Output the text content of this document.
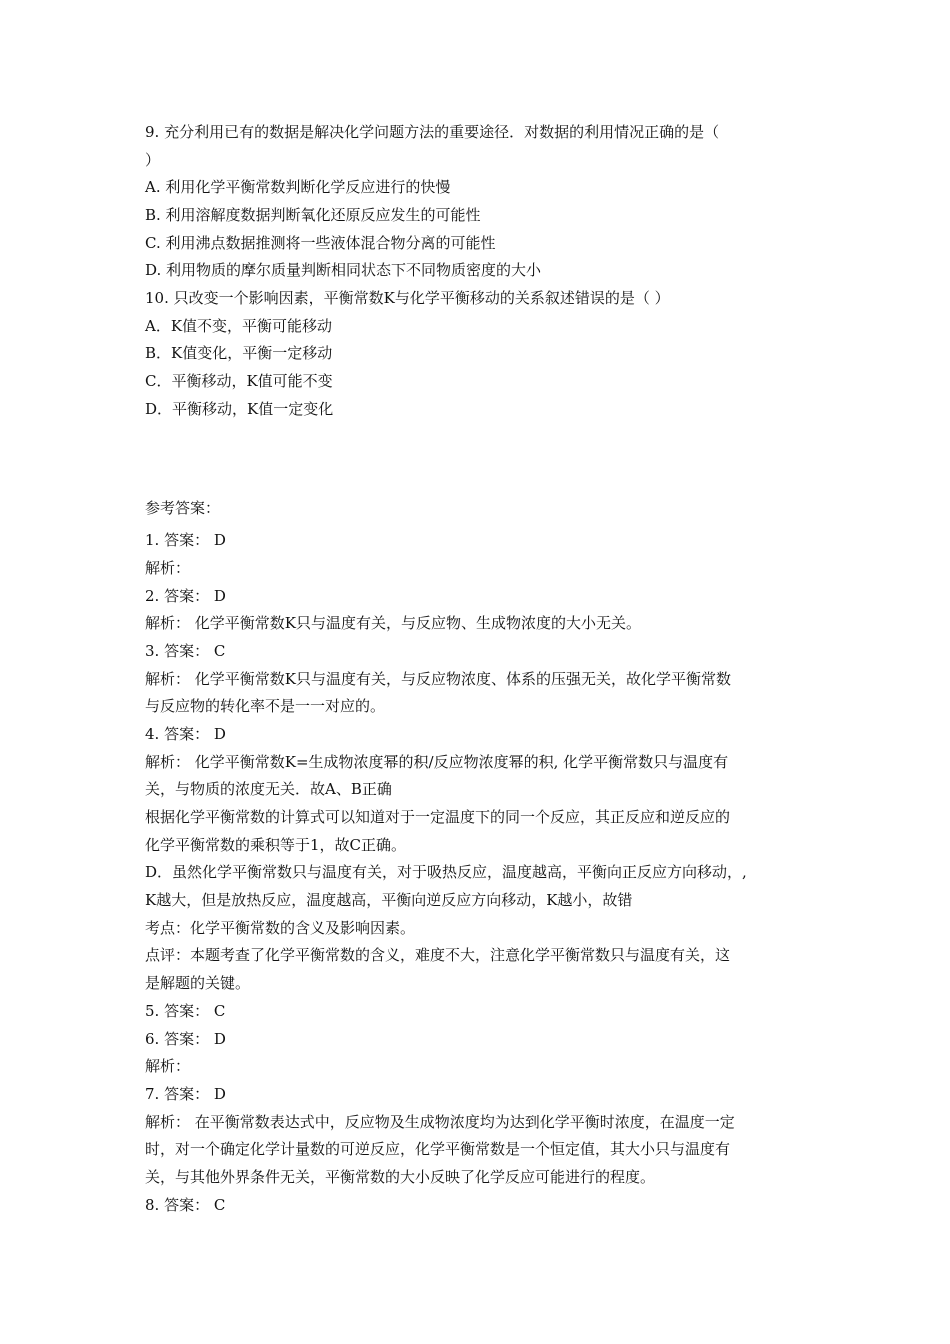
9. 充分利用已有的数据是解决化学问题方法的重要途径．对数据的利用情况正确的是（
）
A. 利用化学平衡常数判断化学反应进行的快慢
B. 利用溶解度数据判断氧化还原反应发生的可能性
C. 利用沸点数据推测将一些液体混合物分离的可能性
D. 利用物质的摩尔质量判断相同状态下不同物质密度的大小
10. 只改变一个影响因素，平衡常数K与化学平衡移动的关系叙述错误的是（ ）
A．K值不变，平衡可能移动
B．K值变化，平衡一定移动
C．平衡移动，K值可能不变
D．平衡移动，K值一定变化
参考答案：
1. 答案： D
解析：
2. 答案： D
解析： 化学平衡常数K只与温度有关，与反应物、生成物浓度的大小无关。
3. 答案： C
解析： 化学平衡常数K只与温度有关，与反应物浓度、体系的压强无关，故化学平衡常数
与反应物的转化率不是一一对应的。
4. 答案： D
解析： 化学平衡常数K=生成物浓度幂的积/反应物浓度幂的积, 化学平衡常数只与温度有
关，与物质的浓度无关．故A、B正确
根据化学平衡常数的计算式可以知道对于一定温度下的同一个反应，其正反应和逆反应的
化学平衡常数的乘积等于1，故C正确。
D．虽然化学平衡常数只与温度有关，对于吸热反应，温度越高，平衡向正反应方向移动，,
K越大，但是放热反应，温度越高，平衡向逆反应方向移动，K越小，故错
考点：化学平衡常数的含义及影响因素。
点评：本题考查了化学平衡常数的含义，难度不大，注意化学平衡常数只与温度有关，这
是解题的关键。
5. 答案： C
6. 答案： D
解析：
7. 答案： D
解析： 在平衡常数表达式中，反应物及生成物浓度均为达到化学平衡时浓度，在温度一定
时，对一个确定化学计量数的可逆反应，化学平衡常数是一个恒定值，其大小只与温度有
关，与其他外界条件无关，平衡常数的大小反映了化学反应可能进行的程度。
8. 答案： C
